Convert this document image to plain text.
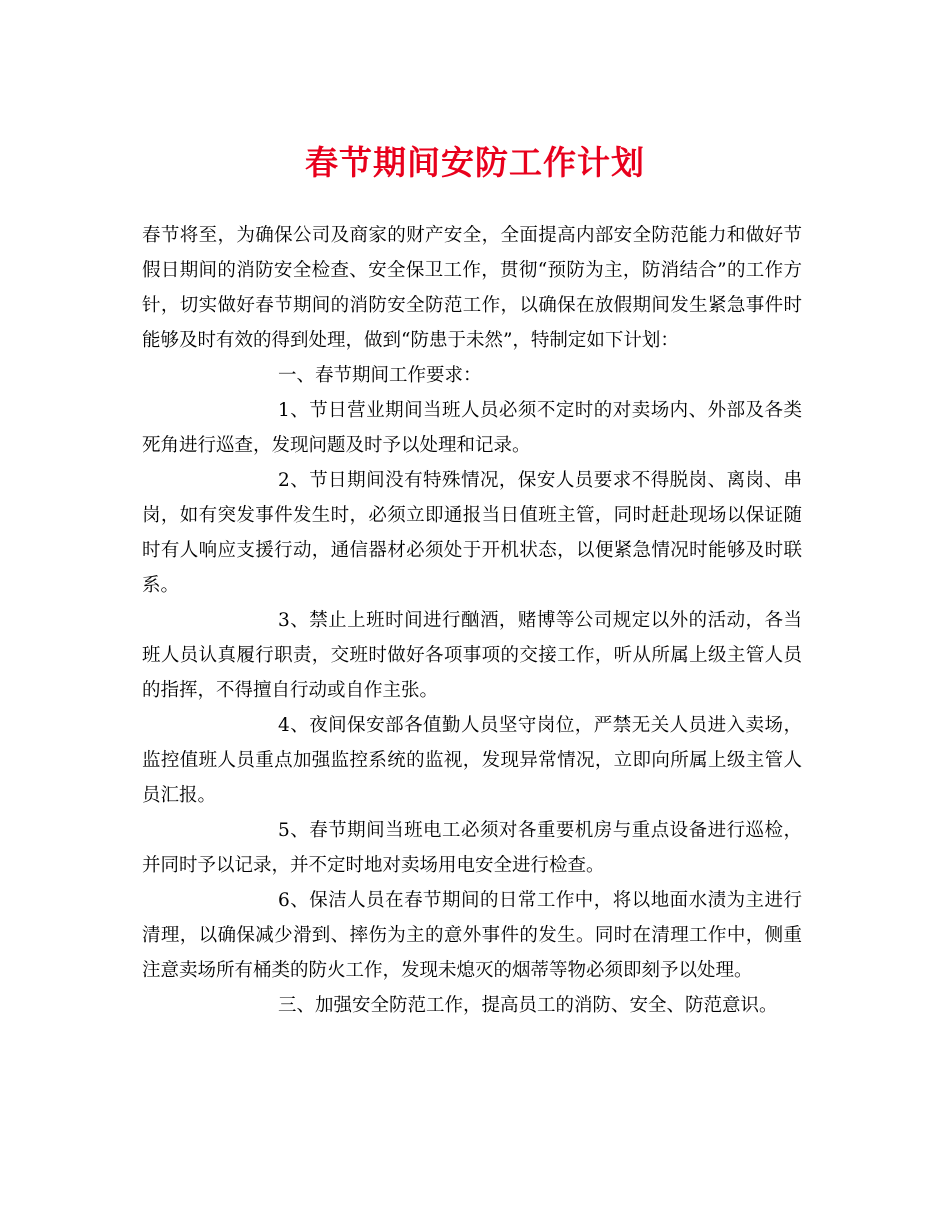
春节期间安防工作计划

春节将至，为确保公司及商家的财产安全，全面提高内部安全防范能力和做好节假日期间的消防安全检查、安全保卫工作，贯彻“预防为主，防消结合”的工作方针，切实做好春节期间的消防安全防范工作，以确保在放假期间发生紧急事件时能够及时有效的得到处理，做到“防患于未然”，特制定如下计划：

一、春节期间工作要求：

1、节日营业期间当班人员必须不定时的对卖场内、外部及各类死角进行巡查，发现问题及时予以处理和记录。

2、节日期间没有特殊情况，保安人员要求不得脱岗、离岗、串岗，如有突发事件发生时，必须立即通报当日值班主管，同时赶赴现场以保证随时有人响应支援行动，通信器材必须处于开机状态，以便紧急情况时能够及时联系。

3、禁止上班时间进行酗酒，赌博等公司规定以外的活动，各当班人员认真履行职责，交班时做好各项事项的交接工作，听从所属上级主管人员的指挥，不得擅自行动或自作主张。

4、夜间保安部各值勤人员坚守岗位，严禁无关人员进入卖场，监控值班人员重点加强监控系统的监视，发现异常情况，立即向所属上级主管人员汇报。

5、春节期间当班电工必须对各重要机房与重点设备进行巡检，并同时予以记录，并不定时地对卖场用电安全进行检查。

6、保洁人员在春节期间的日常工作中，将以地面水渍为主进行清理，以确保减少滑到、摔伤为主的意外事件的发生。同时在清理工作中，侧重注意卖场所有桶类的防火工作，发现未熄灭的烟蒂等物必须即刻予以处理。

三、加强安全防范工作，提高员工的消防、安全、防范意识。
